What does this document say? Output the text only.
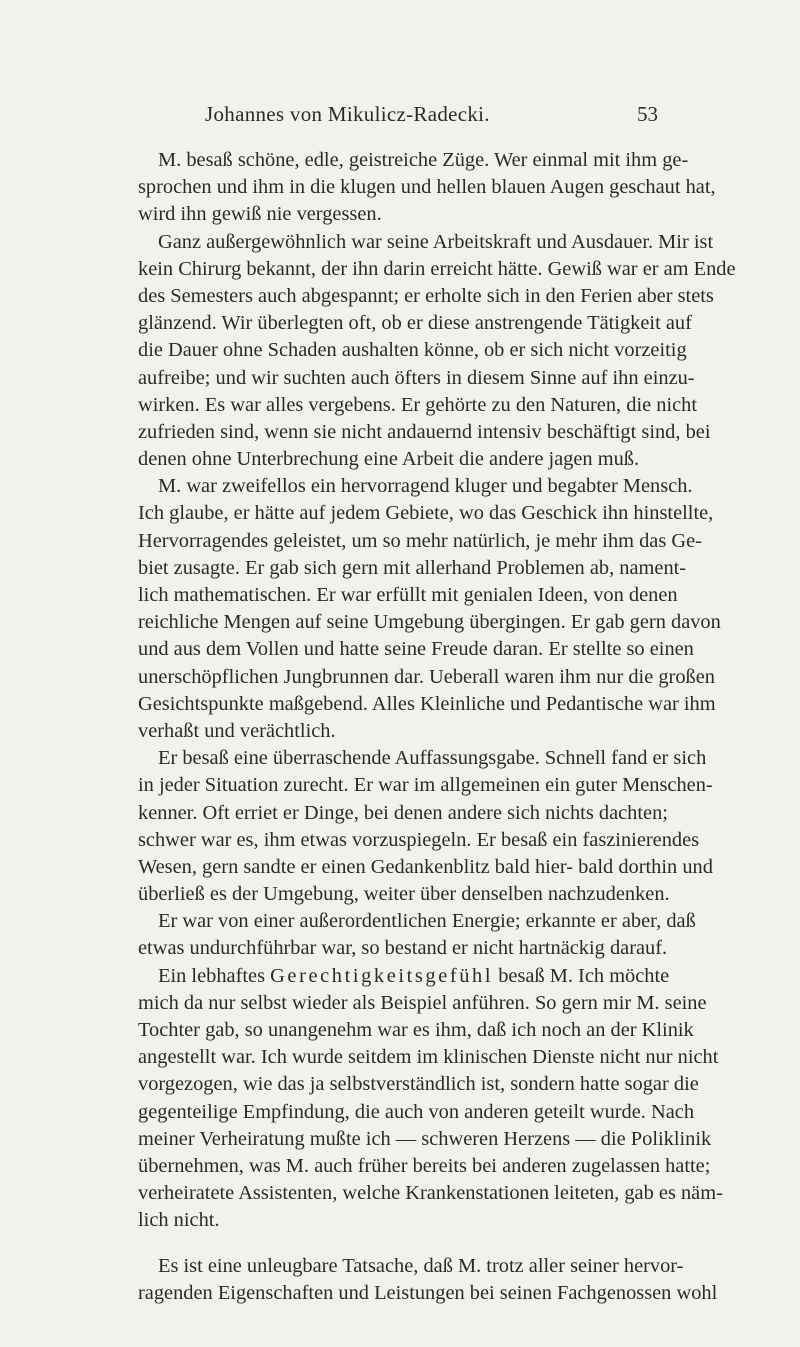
Johannes von Mikulicz-Radecki.	53
M. besaß schöne, edle, geistreiche Züge. Wer einmal mit ihm ge-
sprochen und ihm in die klugen und hellen blauen Augen geschaut hat,
wird ihn gewiß nie vergessen.
Ganz außergewöhnlich war seine Arbeitskraft und Ausdauer. Mir ist
kein Chirurg bekannt, der ihn darin erreicht hätte. Gewiß war er am Ende
des Semesters auch abgespannt; er erholte sich in den Ferien aber stets
glänzend. Wir überlegten oft, ob er diese anstrengende Tätigkeit auf
die Dauer ohne Schaden aushalten könne, ob er sich nicht vorzeitig
aufreibe; und wir suchten auch öfters in diesem Sinne auf ihn einzu-
wirken. Es war alles vergebens. Er gehörte zu den Naturen, die nicht
zufrieden sind, wenn sie nicht andauernd intensiv beschäftigt sind, bei
denen ohne Unterbrechung eine Arbeit die andere jagen muß.
M. war zweifellos ein hervorragend kluger und begabter Mensch.
Ich glaube, er hätte auf jedem Gebiete, wo das Geschick ihn hinstellte,
Hervorragendes geleistet, um so mehr natürlich, je mehr ihm das Ge-
biet zusagte. Er gab sich gern mit allerhand Problemen ab, nament-
lich mathematischen. Er war erfüllt mit genialen Ideen, von denen
reichliche Mengen auf seine Umgebung übergingen. Er gab gern davon
und aus dem Vollen und hatte seine Freude daran. Er stellte so einen
unerschöpflichen Jungbrunnen dar. Ueberall waren ihm nur die großen
Gesichtspunkte maßgebend. Alles Kleinliche und Pedantische war ihm
verhaßt und verächtlich.
Er besaß eine überraschende Auffassungsgabe. Schnell fand er sich
in jeder Situation zurecht. Er war im allgemeinen ein guter Menschen-
kenner. Oft erriet er Dinge, bei denen andere sich nichts dachten;
schwer war es, ihm etwas vorzuspiegeln. Er besaß ein faszinierendes
Wesen, gern sandte er einen Gedankenblitz bald hier- bald dorthin und
überließ es der Umgebung, weiter über denselben nachzudenken.
Er war von einer außerordentlichen Energie; erkannte er aber, daß
etwas undurchführbar war, so bestand er nicht hartnäckig darauf.
Ein lebhaftes Gerechtigkeitsgefühl besaß M. Ich möchte
mich da nur selbst wieder als Beispiel anführen. So gern mir M. seine
Tochter gab, so unangenehm war es ihm, daß ich noch an der Klinik
angestellt war. Ich wurde seitdem im klinischen Dienste nicht nur nicht
vorgezogen, wie das ja selbstverständlich ist, sondern hatte sogar die
gegenteilige Empfindung, die auch von anderen geteilt wurde. Nach
meiner Verheiratung mußte ich — schweren Herzens — die Poliklinik
übernehmen, was M. auch früher bereits bei anderen zugelassen hatte;
verheiratete Assistenten, welche Krankenstationen leiteten, gab es näm-
lich nicht.
Es ist eine unleugbare Tatsache, daß M. trotz aller seiner hervor-
ragenden Eigenschaften und Leistungen bei seinen Fachgenossen wohl
